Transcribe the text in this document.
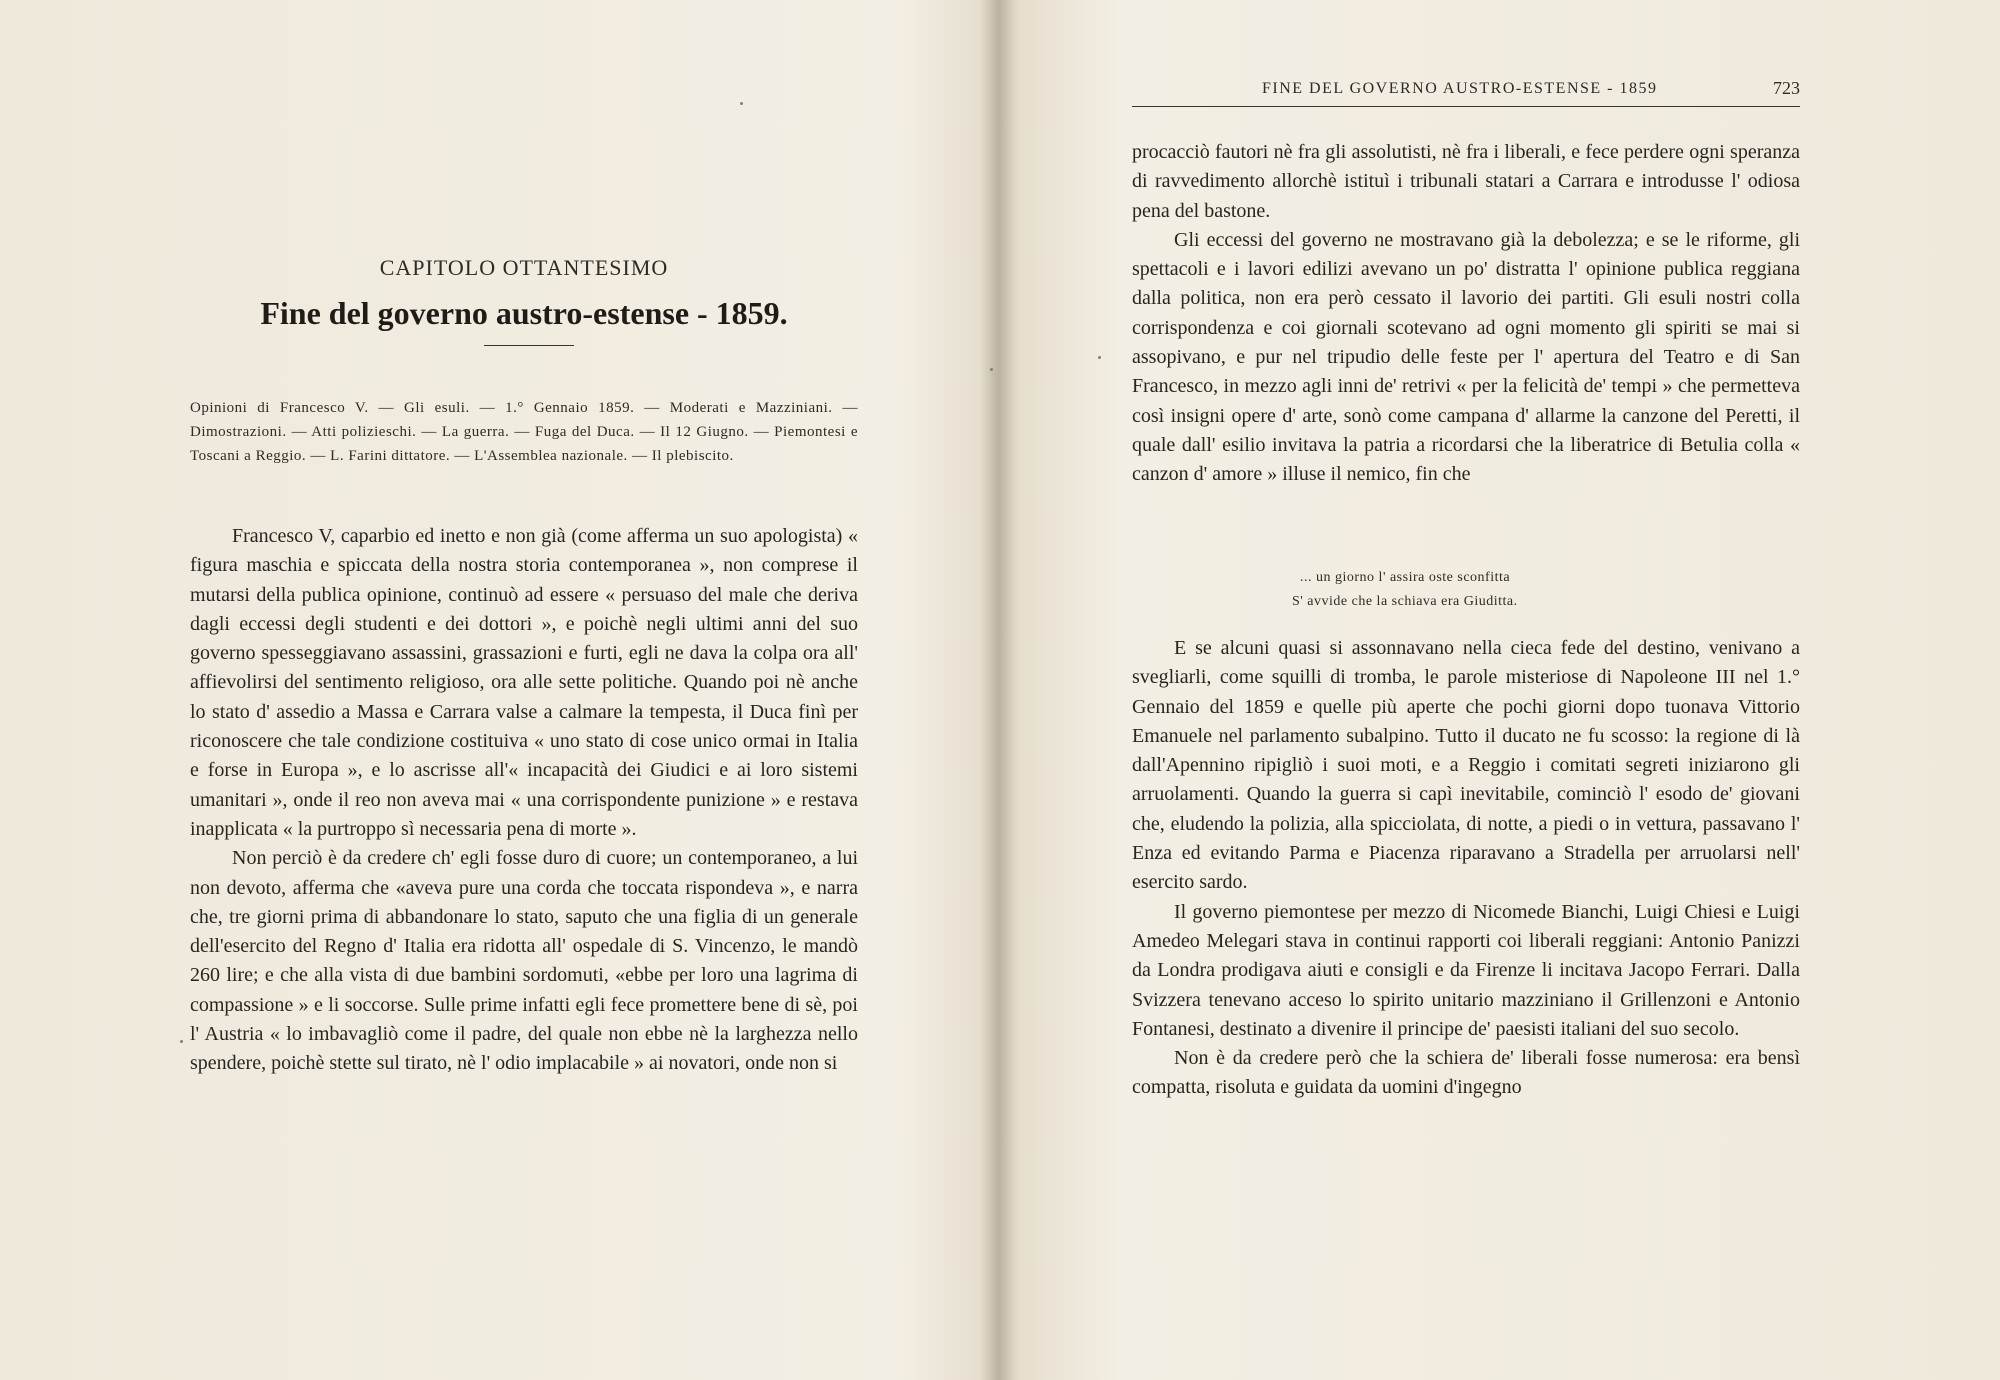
CAPITOLO OTTANTESIMO
Fine del governo austro-estense - 1859.
Opinioni di Francesco V. — Gli esuli. — 1.° Gennaio 1859. — Moderati e Mazziniani. — Dimostrazioni. — Atti polizieschi. — La guerra. — Fuga del Duca. — Il 12 Giugno. — Piemontesi e Toscani a Reggio. — L. Farini dittatore. — L'Assemblea nazionale. — Il plebiscito.

Francesco V, caparbio ed inetto e non già (come afferma un suo apologista) « figura maschia e spiccata della nostra storia contemporanea », non comprese il mutarsi della publica opinione, continuò ad essere « persuaso del male che deriva dagli eccessi degli studenti e dei dottori », e poichè negli ultimi anni del suo governo spesseggiavano assassini, grassazioni e furti, egli ne dava la colpa ora all' affievolirsi del sentimento religioso, ora alle sette politiche. Quando poi nè anche lo stato d' assedio a Massa e Carrara valse a calmare la tempesta, il Duca finì per riconoscere che tale condizione costituiva « uno stato di cose unico ormai in Italia e forse in Europa », e lo ascrisse all'« incapacità dei Giudici e ai loro sistemi umanitari », onde il reo non aveva mai « una corrispondente punizione » e restava inapplicata « la purtroppo sì necessaria pena di morte ».

Non perciò è da credere ch' egli fosse duro di cuore; un contemporaneo, a lui non devoto, afferma che «aveva pure una corda che toccata rispondeva », e narra che, tre giorni prima di abbandonare lo stato, saputo che una figlia di un generale dell'esercito del Regno d' Italia era ridotta all' ospedale di S. Vincenzo, le mandò 260 lire; e che alla vista di due bambini sordomuti, «ebbe per loro una lagrima di compassione » e li soccorse. Sulle prime infatti egli fece promettere bene di sè, poi l' Austria « lo imbavagliò come il padre, del quale non ebbe nè la larghezza nello spendere, poichè stette sul tirato, nè l' odio implacabile » ai novatori, onde non si

FINE DEL GOVERNO AUSTRO-ESTENSE - 1859	723

procacciò fautori nè fra gli assolutisti, nè fra i liberali, e fece perdere ogni speranza di ravvedimento allorchè istituì i tribunali statari a Carrara e introdusse l' odiosa pena del bastone.

Gli eccessi del governo ne mostravano già la debolezza; e se le riforme, gli spettacoli e i lavori edilizi avevano un po' distratta l' opinione publica reggiana dalla politica, non era però cessato il lavorio dei partiti. Gli esuli nostri colla corrispondenza e coi giornali scotevano ad ogni momento gli spiriti se mai si assopivano, e pur nel tripudio delle feste per l' apertura del Teatro e di San Francesco, in mezzo agli inni de' retrivi « per la felicità de' tempi » che permetteva così insigni opere d' arte, sonò come campana d' allarme la canzone del Peretti, il quale dall' esilio invitava la patria a ricordarsi che la liberatrice di Betulia colla « canzon d' amore » illuse il nemico, fin che

... un giorno l' assira oste sconfitta
S' avvide che la schiava era Giuditta.

E se alcuni quasi si assonnavano nella cieca fede del destino, venivano a svegliarli, come squilli di tromba, le parole misteriose di Napoleone III nel 1.° Gennaio del 1859 e quelle più aperte che pochi giorni dopo tuonava Vittorio Emanuele nel parlamento subalpino. Tutto il ducato ne fu scosso: la regione di là dall'Apennino ripigliò i suoi moti, e a Reggio i comitati segreti iniziarono gli arruolamenti. Quando la guerra si capì inevitabile, cominciò l' esodo de' giovani che, eludendo la polizia, alla spicciolata, di notte, a piedi o in vettura, passavano l' Enza ed evitando Parma e Piacenza riparavano a Stradella per arruolarsi nell' esercito sardo.

Il governo piemontese per mezzo di Nicomede Bianchi, Luigi Chiesi e Luigi Amedeo Melegari stava in continui rapporti coi liberali reggiani: Antonio Panizzi da Londra prodigava aiuti e consigli e da Firenze li incitava Jacopo Ferrari. Dalla Svizzera tenevano acceso lo spirito unitario mazziniano il Grillenzoni e Antonio Fontanesi, destinato a divenire il principe de' paesisti italiani del suo secolo.

Non è da credere però che la schiera de' liberali fosse numerosa: era bensì compatta, risoluta e guidata da uomini d'ingegno
